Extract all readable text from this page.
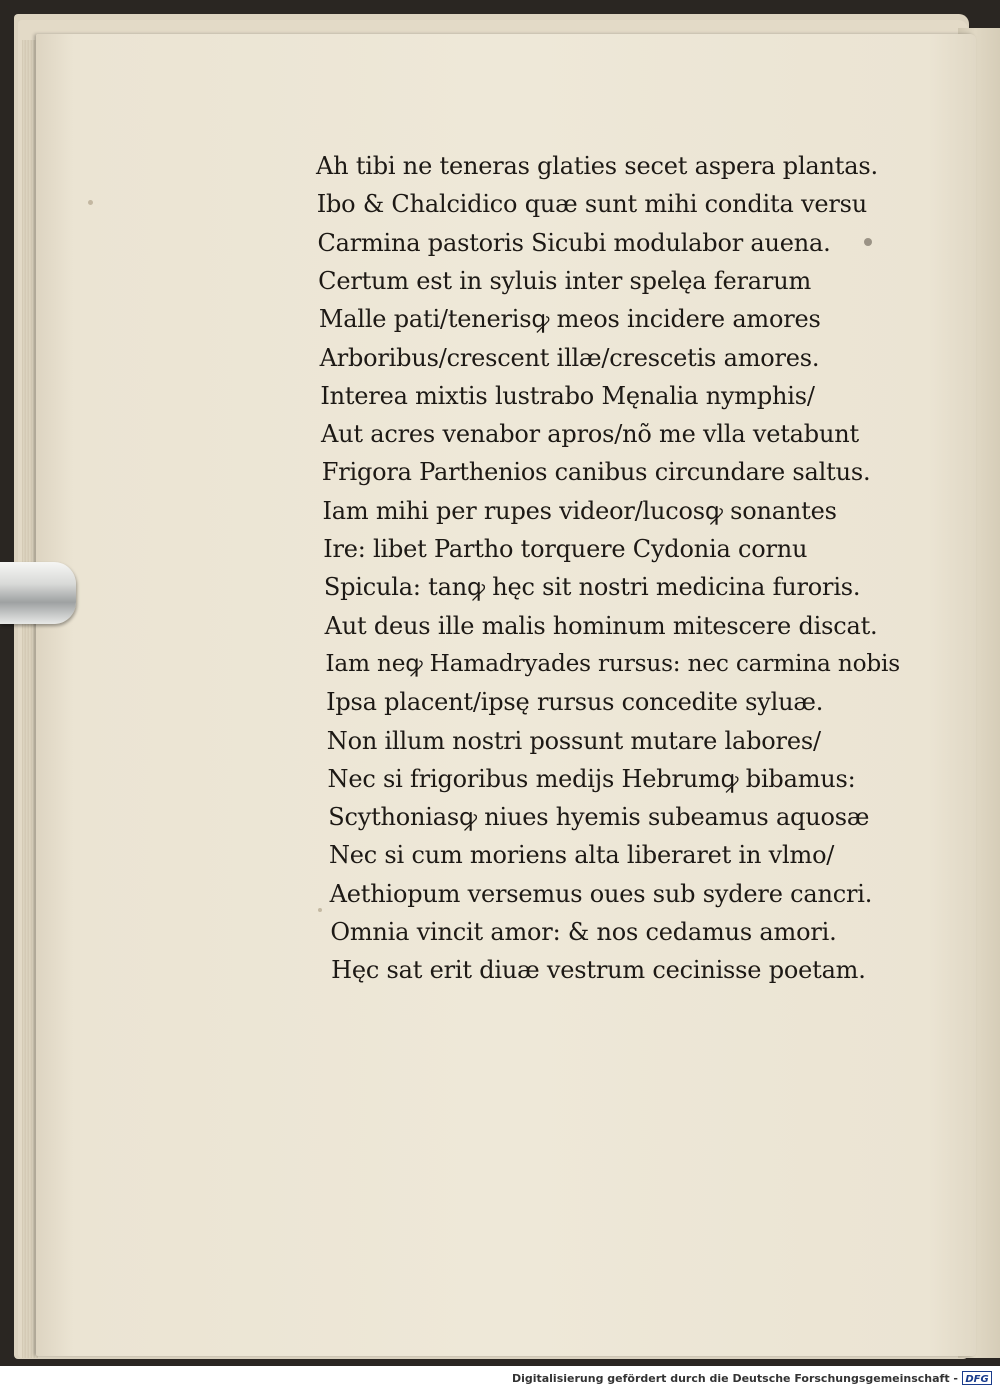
Ah tibi ne teneras glaties secet aspera plantas.
Ibo & Chalcidico quæ sunt mihi condita versu
Carmina pastoris Sicubi modulabor auena.
Certum est in syluis inter spelęa ferarum
Malle pati/tenerisꝙ meos incidere amores
Arboribus/crescent illæ/crescetis amores.
Interea mixtis lustrabo Męnalia nymphis/
Aut acres venabor apros/nõ me vlla vetabunt
Frigora Parthenios canibus circundare saltus.
Iam mihi per rupes videor/lucosꝙ sonantes
Ire: libet Partho torquere Cydonia cornu
Spicula: tanꝙ hęc sit nostri medicina furoris.
Aut deus ille malis hominum mitescere discat.
Iam neꝙ Hamadryades rursus: nec carmina nobis
Ipsa placent/ipsę rursus concedite syluæ.
Non illum nostri possunt mutare labores/
Nec si frigoribus medijs Hebrumꝙ bibamus:
Scythoniasꝙ niues hyemis subeamus aquosæ
Nec si cum moriens alta liberaret in vlmo/
Aethiopum versemus oues sub sydere cancri.
Omnia vincit amor: & nos cedamus amori.
Hęc sat erit diuæ vestrum cecinisse poetam.
Digitalisierung gefördert durch die Deutsche Forschungsgemeinschaft - DFG
